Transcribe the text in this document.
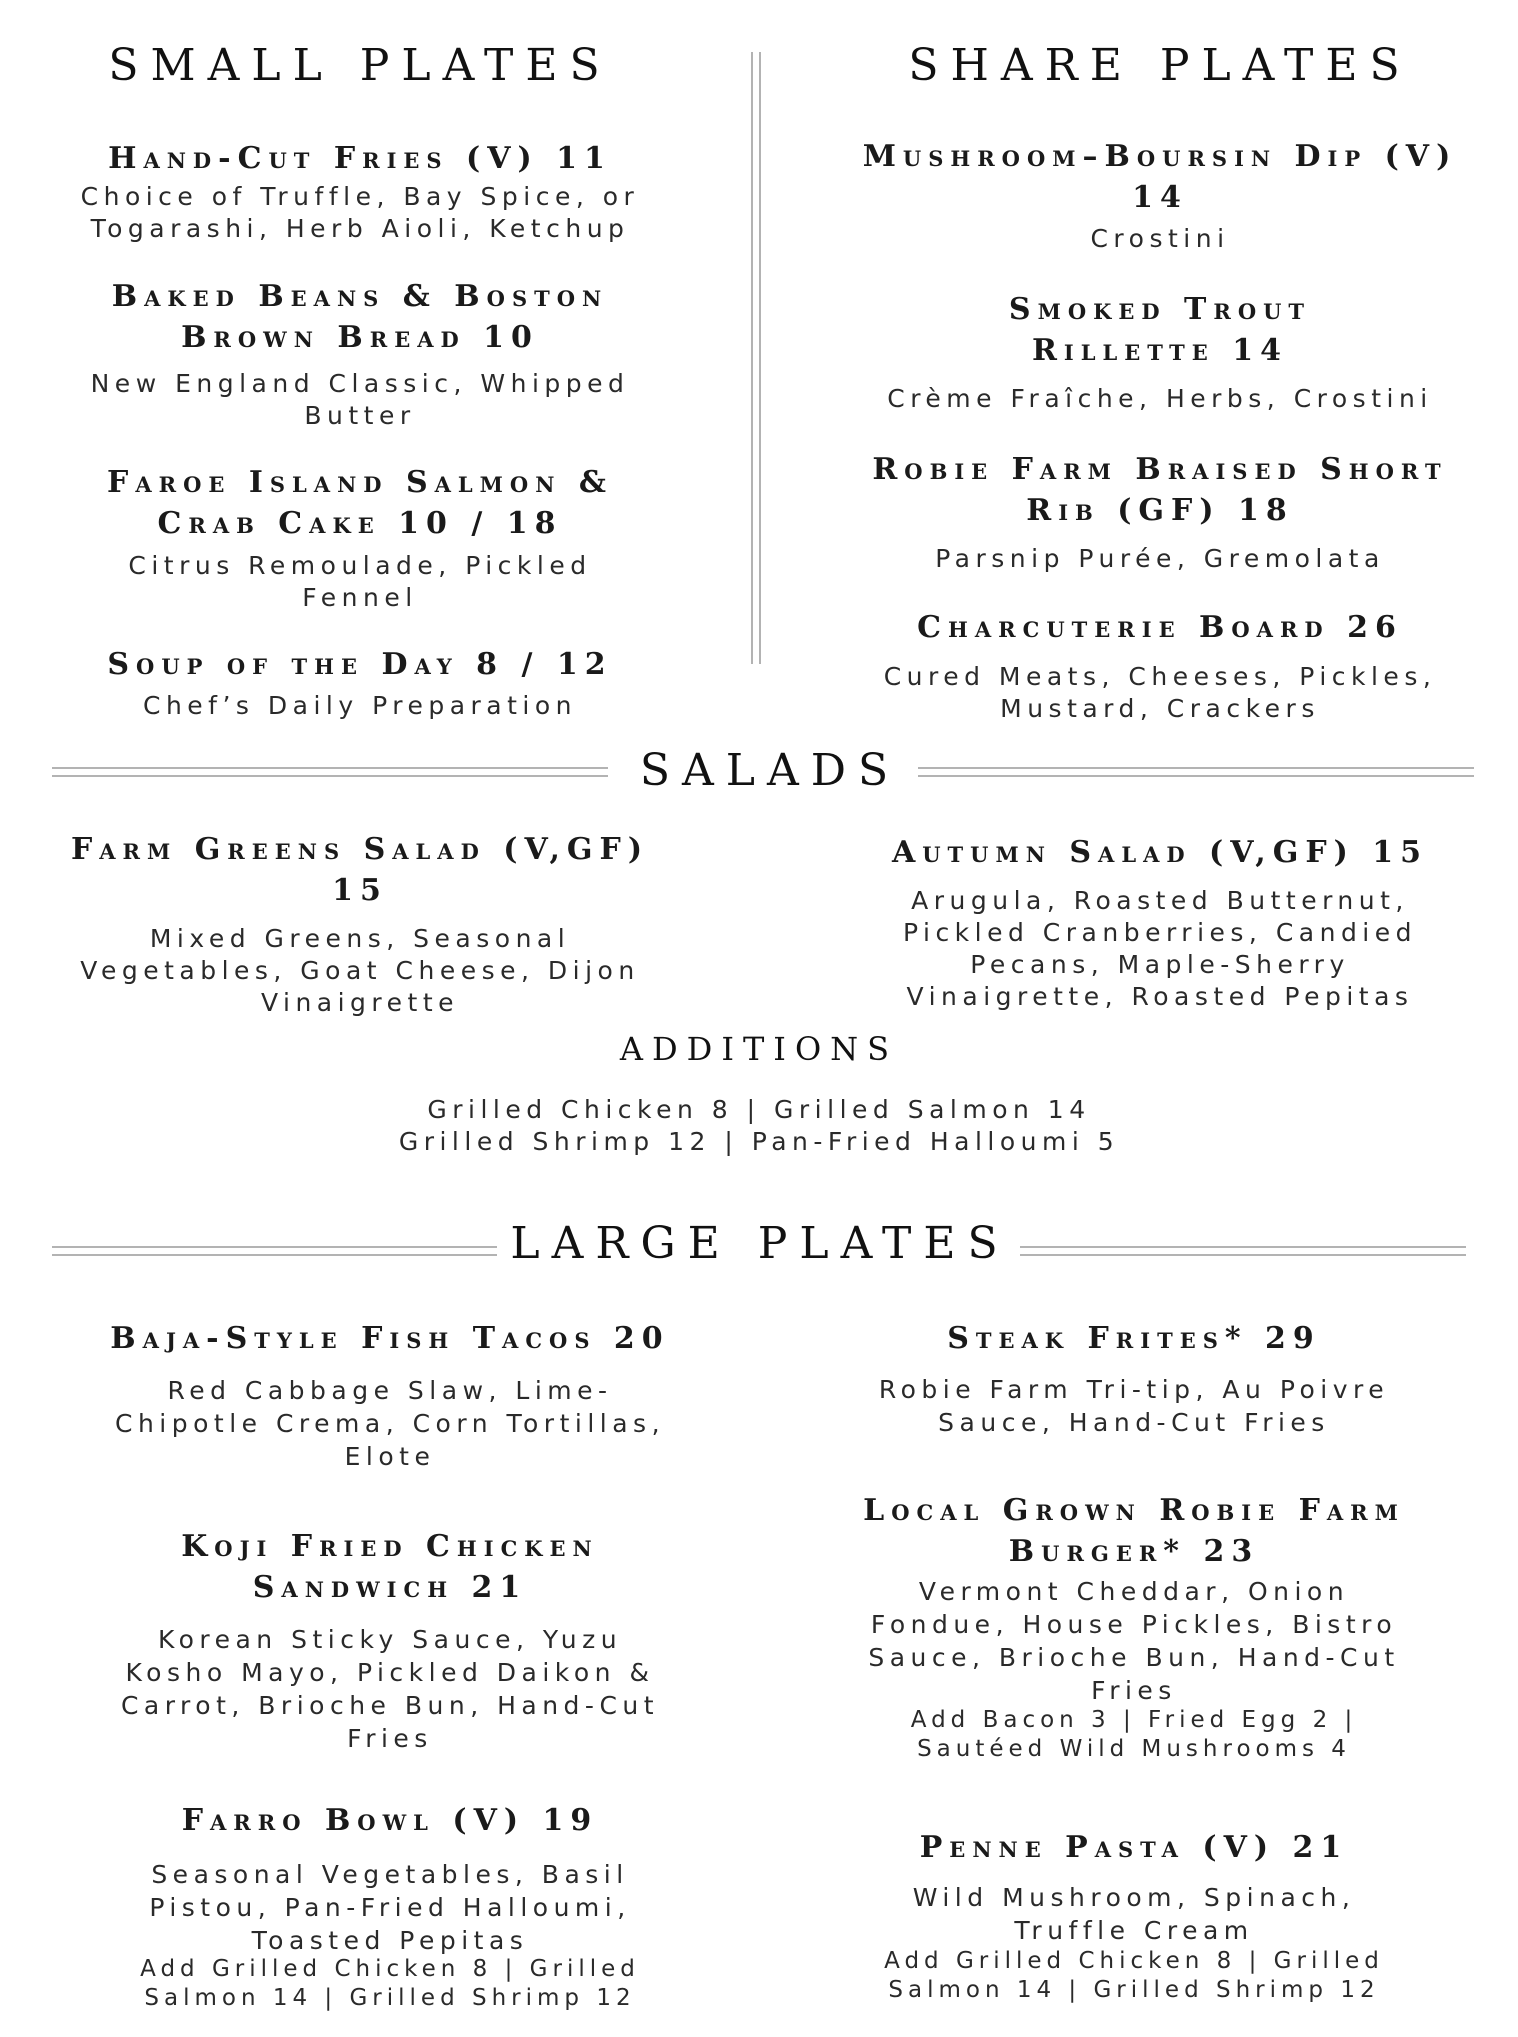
SMALL PLATES
Hand-Cut Fries (V) 11
Choice of Truffle, Bay Spice, or
Togarashi, Herb Aioli, Ketchup
Baked Beans & Boston
Brown Bread 10
New England Classic, Whipped
Butter
Faroe Island Salmon &
Crab Cake 10 / 18
Citrus Remoulade, Pickled
Fennel
Soup of the Day 8 / 12
Chef’s Daily Preparation
SHARE PLATES
Mushroom–Boursin Dip (V)
14
Crostini
Smoked Trout
Rillette 14
Crème Fraîche, Herbs, Crostini
Robie Farm Braised Short
Rib (GF) 18
Parsnip Purée, Gremolata
Charcuterie Board 26
Cured Meats, Cheeses, Pickles,
Mustard, Crackers
SALADS
Farm Greens Salad (V,GF)
15
Mixed Greens, Seasonal
Vegetables, Goat Cheese, Dijon
Vinaigrette
Autumn Salad (V,GF) 15
Arugula, Roasted Butternut,
Pickled Cranberries, Candied
Pecans, Maple-Sherry
Vinaigrette, Roasted Pepitas
ADDITIONS
Grilled Chicken 8 | Grilled Salmon 14
Grilled Shrimp 12 | Pan-Fried Halloumi 5
LARGE PLATES
Baja-Style Fish Tacos 20
Red Cabbage Slaw, Lime-
Chipotle Crema, Corn Tortillas,
Elote
Koji Fried Chicken
Sandwich 21
Korean Sticky Sauce, Yuzu
Kosho Mayo, Pickled Daikon &
Carrot, Brioche Bun, Hand-Cut
Fries
Farro Bowl (V) 19
Seasonal Vegetables, Basil
Pistou, Pan-Fried Halloumi,
Toasted Pepitas
Add Grilled Chicken 8 | Grilled
Salmon 14 | Grilled Shrimp 12
Steak Frites* 29
Robie Farm Tri-tip, Au Poivre
Sauce, Hand-Cut Fries
Local Grown Robie Farm
Burger* 23
Vermont Cheddar, Onion
Fondue, House Pickles, Bistro
Sauce, Brioche Bun, Hand-Cut
Fries
Add Bacon 3 | Fried Egg 2 |
Sautéed Wild Mushrooms 4
Penne Pasta (V) 21
Wild Mushroom, Spinach,
Truffle Cream
Add Grilled Chicken 8 | Grilled
Salmon 14 | Grilled Shrimp 12
